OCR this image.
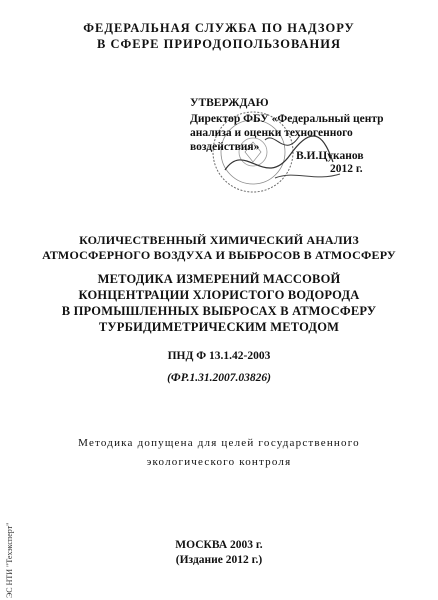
ФЕДЕРАЛЬНАЯ СЛУЖБА ПО НАДЗОРУ
В СФЕРЕ ПРИРОДОПОЛЬЗОВАНИЯ
УТВЕРЖДАЮ
Директор ФБУ «Федеральный центр
анализа и оценки техногенного
воздействия»
В.И.Цуканов
2012 г.
КОЛИЧЕСТВЕННЫЙ ХИМИЧЕСКИЙ АНАЛИЗ
АТМОСФЕРНОГО ВОЗДУХА И ВЫБРОСОВ В АТМОСФЕРУ
МЕТОДИКА ИЗМЕРЕНИЙ МАССОВОЙ
КОНЦЕНТРАЦИИ ХЛОРИСТОГО ВОДОРОДА
В ПРОМЫШЛЕННЫХ ВЫБРОСАХ В АТМОСФЕРУ
ТУРБИДИМЕТРИЧЕСКИМ МЕТОДОМ
ПНД Ф 13.1.42-2003
(ФР.1.31.2007.03826)
Методика допущена для целей государственного
экологического контроля
МОСКВА 2003 г.
(Издание 2012 г.)
ЭС НТИ "Техэксперт"
